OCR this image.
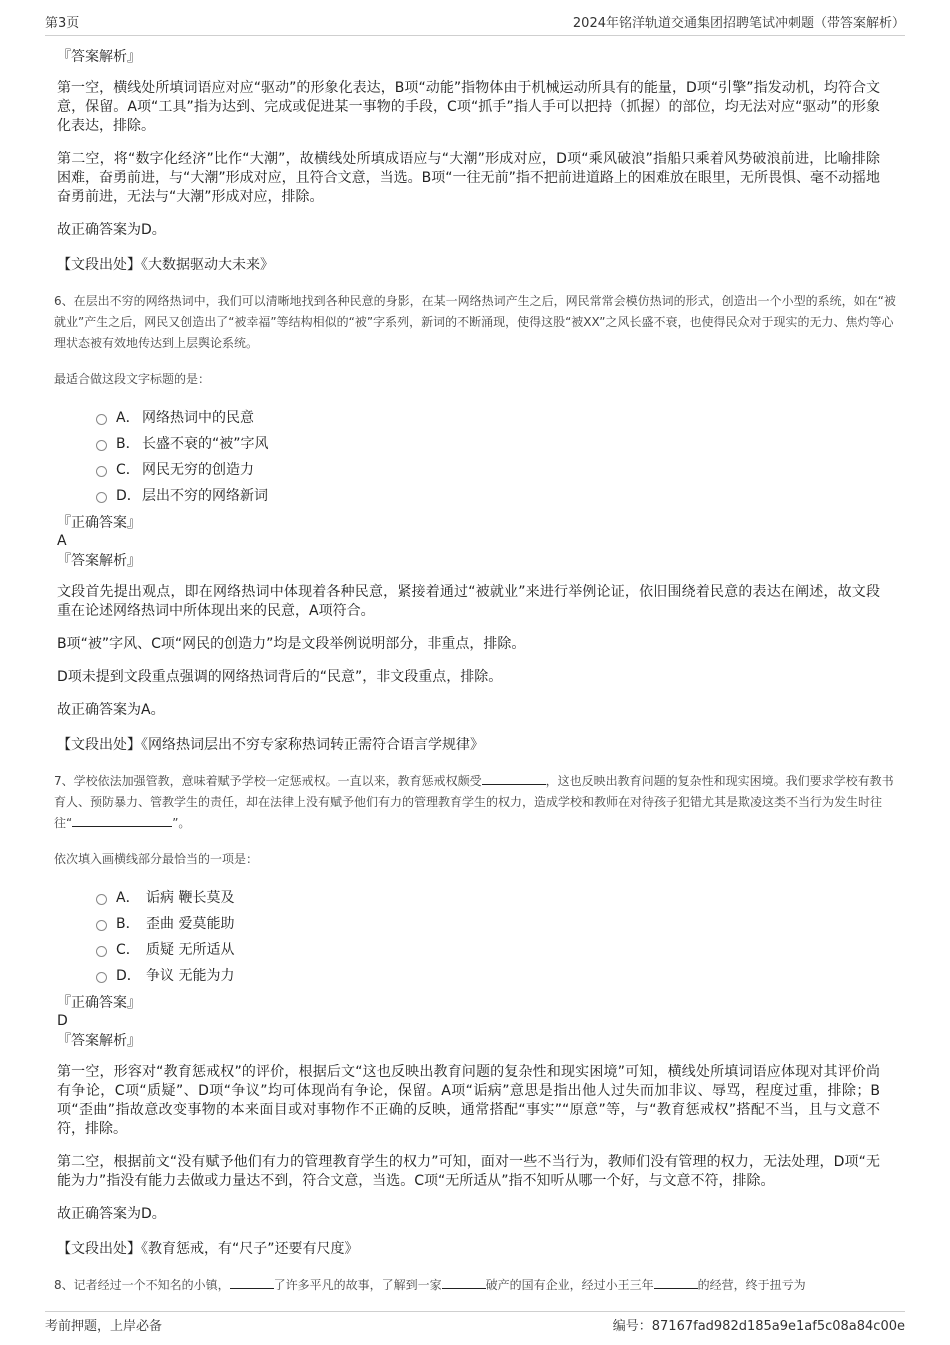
第3页	2024年铭洋轨道交通集团招聘笔试冲刺题（带答案解析）
『答案解析』

第一空，横线处所填词语应对应“驱动”的形象化表达，B项“动能”指物体由于机械运动所具有的能量，D项“引擎”指发动机，均符合文意，保留。A项“工具”指为达到、完成或促进某一事物的手段，C项“抓手”指人手可以把持（抓握）的部位，均无法对应“驱动”的形象化表达，排除。

第二空，将“数字化经济”比作“大潮”，故横线处所填成语应与“大潮”形成对应，D项“乘风破浪”指船只乘着风势破浪前进，比喻排除困难，奋勇前进，与“大潮”形成对应，且符合文意，当选。B项“一往无前”指不把前进道路上的困难放在眼里，无所畏惧、毫不动摇地奋勇前进，无法与“大潮”形成对应，排除。

故正确答案为D。

【文段出处】《大数据驱动大未来》
6、在层出不穷的网络热词中，我们可以清晰地找到各种民意的身影，在某一网络热词产生之后，网民常常会模仿热词的形式，创造出一个小型的系统，如在“被就业”产生之后，网民又创造出了“被幸福”等结构相似的“被”字系列，新词的不断涌现，使得这股“被XX”之风长盛不衰，也使得民众对于现实的无力、焦灼等心理状态被有效地传达到上层舆论系统。
最适合做这段文字标题的是：
A． 网络热词中的民意
B． 长盛不衰的“被”字风
C． 网民无穷的创造力
D． 层出不穷的网络新词
『正确答案』
A
『答案解析』

文段首先提出观点，即在网络热词中体现着各种民意，紧接着通过“被就业”来进行举例论证，依旧围绕着民意的表达在阐述，故文段重在论述网络热词中所体现出来的民意，A项符合。

B项“被”字风、C项“网民的创造力”均是文段举例说明部分，非重点，排除。

D项未提到文段重点强调的网络热词背后的“民意”，非文段重点，排除。

故正确答案为A。

【文段出处】《网络热词层出不穷专家称热词转正需符合语言学规律》
7、学校依法加强管教，意味着赋予学校一定惩戒权。一直以来，教育惩戒权颇受	，这也反映出教育问题的复杂性和现实困境。我们要求学校有教书育人、预防暴力、管教学生的责任，却在法律上没有赋予他们有力的管理教育学生的权力，造成学校和教师在对待孩子犯错尤其是欺凌这类不当行为发生时往往“	”。
依次填入画横线部分最恰当的一项是：
A． 诟病 鞭长莫及
B． 歪曲 爱莫能助
C． 质疑 无所适从
D． 争议 无能为力
『正确答案』
D
『答案解析』

第一空，形容对“教育惩戒权”的评价，根据后文“这也反映出教育问题的复杂性和现实困境”可知，横线处所填词语应体现对其评价尚有争论，C项“质疑”、D项“争议”均可体现尚有争论，保留。A项“诟病”意思是指出他人过失而加非议、辱骂，程度过重，排除；B项“歪曲”指故意改变事物的本来面目或对事物作不正确的反映，通常搭配“事实”“原意”等，与“教育惩戒权”搭配不当，且与文意不符，排除。

第二空，根据前文“没有赋予他们有力的管理教育学生的权力”可知，面对一些不当行为，教师们没有管理的权力，无法处理，D项“无能为力”指没有能力去做或力量达不到，符合文意，当选。C项“无所适从”指不知听从哪一个好，与文意不符，排除。

故正确答案为D。

【文段出处】《教育惩戒，有“尺子”还要有尺度》
8、记者经过一个不知名的小镇，	了许多平凡的故事，了解到一家	破产的国有企业，经过小王三年	的经营，终于扭亏为
考前押题，上岸必备	编号：87167fad982d185a9e1af5c08a84c00e
